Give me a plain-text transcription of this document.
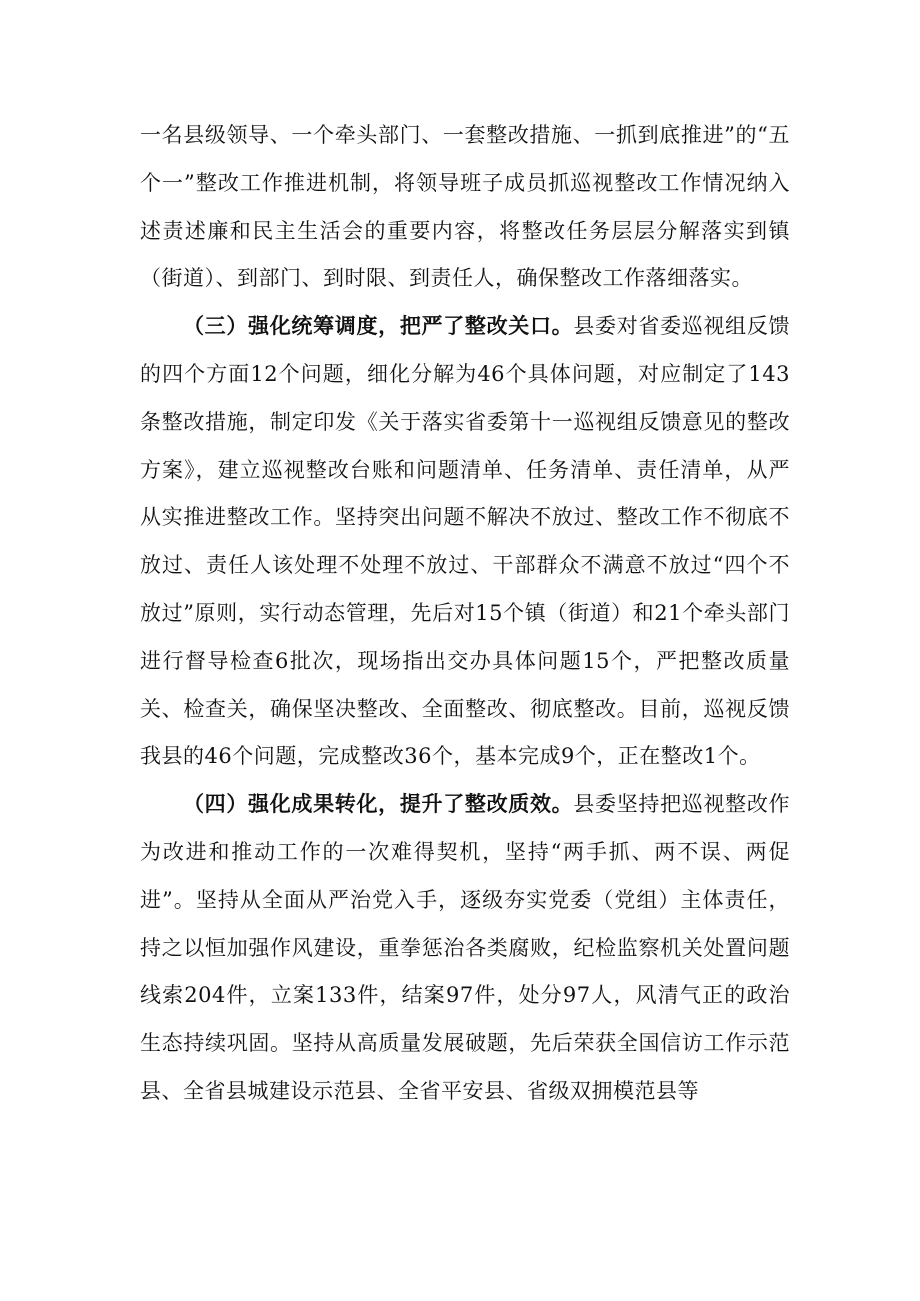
一名县级领导、一个牵头部门、一套整改措施、一抓到底推进”的“五个一”整改工作推进机制，将领导班子成员抓巡视整改工作情况纳入述责述廉和民主生活会的重要内容，将整改任务层层分解落实到镇（街道）、到部门、到时限、到责任人，确保整改工作落细落实。

（三）强化统筹调度，把严了整改关口。县委对省委巡视组反馈的四个方面12个问题，细化分解为46个具体问题，对应制定了143条整改措施，制定印发《关于落实省委第十一巡视组反馈意见的整改方案》，建立巡视整改台账和问题清单、任务清单、责任清单，从严从实推进整改工作。坚持突出问题不解决不放过、整改工作不彻底不放过、责任人该处理不处理不放过、干部群众不满意不放过“四个不放过”原则，实行动态管理，先后对15个镇（街道）和21个牵头部门进行督导检查6批次，现场指出交办具体问题15个，严把整改质量关、检查关，确保坚决整改、全面整改、彻底整改。目前，巡视反馈我县的46个问题，完成整改36个，基本完成9个，正在整改1个。

（四）强化成果转化，提升了整改质效。县委坚持把巡视整改作为改进和推动工作的一次难得契机，坚持“两手抓、两不误、两促进”。坚持从全面从严治党入手，逐级夯实党委（党组）主体责任，持之以恒加强作风建设，重拳惩治各类腐败，纪检监察机关处置问题线索204件，立案133件，结案97件，处分97人，风清气正的政治生态持续巩固。坚持从高质量发展破题，先后荣获全国信访工作示范县、全省县城建设示范县、全省平安县、省级双拥模范县等
